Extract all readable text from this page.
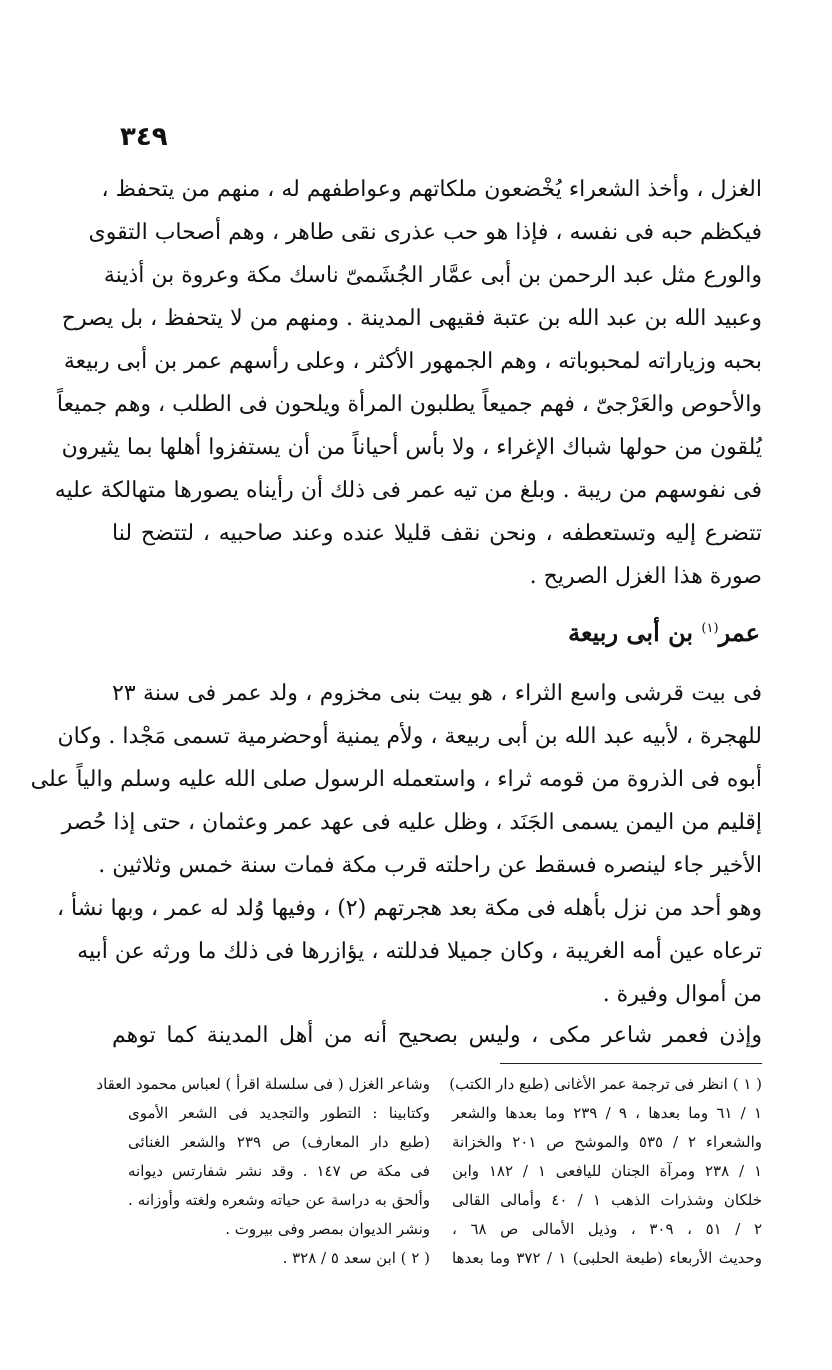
٣٤٩
الغزل ، وأخذ الشعراء يُخْضعون ملكاتهم وعواطفهم له ، منهم من يتحفظ ،
فيكظم حبه فى نفسه ، فإذا هو حب عذرى نقى طاهر ، وهم أصحاب التقوى
والورع مثل عبد الرحمن بن أبى عمَّار الجُشَمىّ ناسك مكة وعروة بن أذينة
وعبيد الله بن عبد الله بن عتبة فقيهى المدينة . ومنهم من لا يتحفظ ، بل يصرح
بحبه وزياراته لمحبوباته ، وهم الجمهور الأكثر ، وعلى رأسهم عمر بن أبى ربيعة
والأحوص والعَرْجىّ ، فهم جميعاً يطلبون المرأة ويلحون فى الطلب ، وهم جميعاً
يُلقون من حولها شباك الإغراء ، ولا بأس أحياناً من أن يستفزوا أهلها بما يثيرون
فى نفوسهم من ريبة . وبلغ من تيه عمر فى ذلك أن رأيناه يصورها متهالكة عليه
تتضرع إليه وتستعطفه ، ونحن نقف قليلا عنده وعند صاحبيه ، لتتضح لنا
صورة هذا الغزل الصريح .
عمر$^{(١)}$ بن أبى ربيعة
فى بيت قرشى واسع الثراء ، هو بيت بنى مخزوم ، ولد عمر فى سنة ٢٣
للهجرة ، لأبيه عبد الله بن أبى ربيعة ، ولأم يمنية أوحضرمية تسمى مَجْدا . وكان
أبوه فى الذروة من قومه ثراء ، واستعمله الرسول صلى الله عليه وسلم والياً على
إقليم من اليمن يسمى الجَنَد ، وظل عليه فى عهد عمر وعثمان ، حتى إذا حُصر
الأخير جاء لينصره فسقط عن راحلته قرب مكة فمات سنة خمس وثلاثين .
وهو أحد من نزل بأهله فى مكة بعد هجرتهم (٢) ، وفيها وُلد له عمر ، وبها نشأ ،
ترعاه عين أمه الغريبة ، وكان جميلا فدللته ، يؤازرها فى ذلك ما ورثه عن أبيه
من أموال وفيرة .
وإذن فعمر شاعر مكى ، وليس بصحيح أنه من أهل المدينة كما توهم
( ١ ) انظر فى ترجمة عمر الأغانى (طبع دار الكتب)
١ / ٦١ وما بعدها ، ٩ / ٢٣٩ وما بعدها والشعر
والشعراء ٢ / ٥٣٥ والموشح ص ٢٠١ والخزانة
١ / ٢٣٨ ومرآة الجنان لليافعى ١ / ١٨٢ وابن
خلكان وشذرات الذهب ١ / ٤٠ وأمالى القالى
٢ / ٥١ ، ٣٠٩ ، وذيل الأمالى ص ٦٨ ،
وحديث الأربعاء (طبعة الحلبى) ١ / ٣٧٢ وما بعدها
وشاعر الغزل ( فى سلسلة اقرأ ) لعباس محمود العقاد
وكتابينا : التطور والتجديد فى الشعر الأموى
(طبع دار المعارف) ص ٢٣٩ والشعر الغنائى
فى مكة ص ١٤٧ . وقد نشر شفارتس ديوانه
وألحق به دراسة عن حياته وشعره ولغته وأوزانه .
ونشر الديوان بمصر وفى بيروت .
( ٢ ) ابن سعد ٥ / ٣٢٨ .
